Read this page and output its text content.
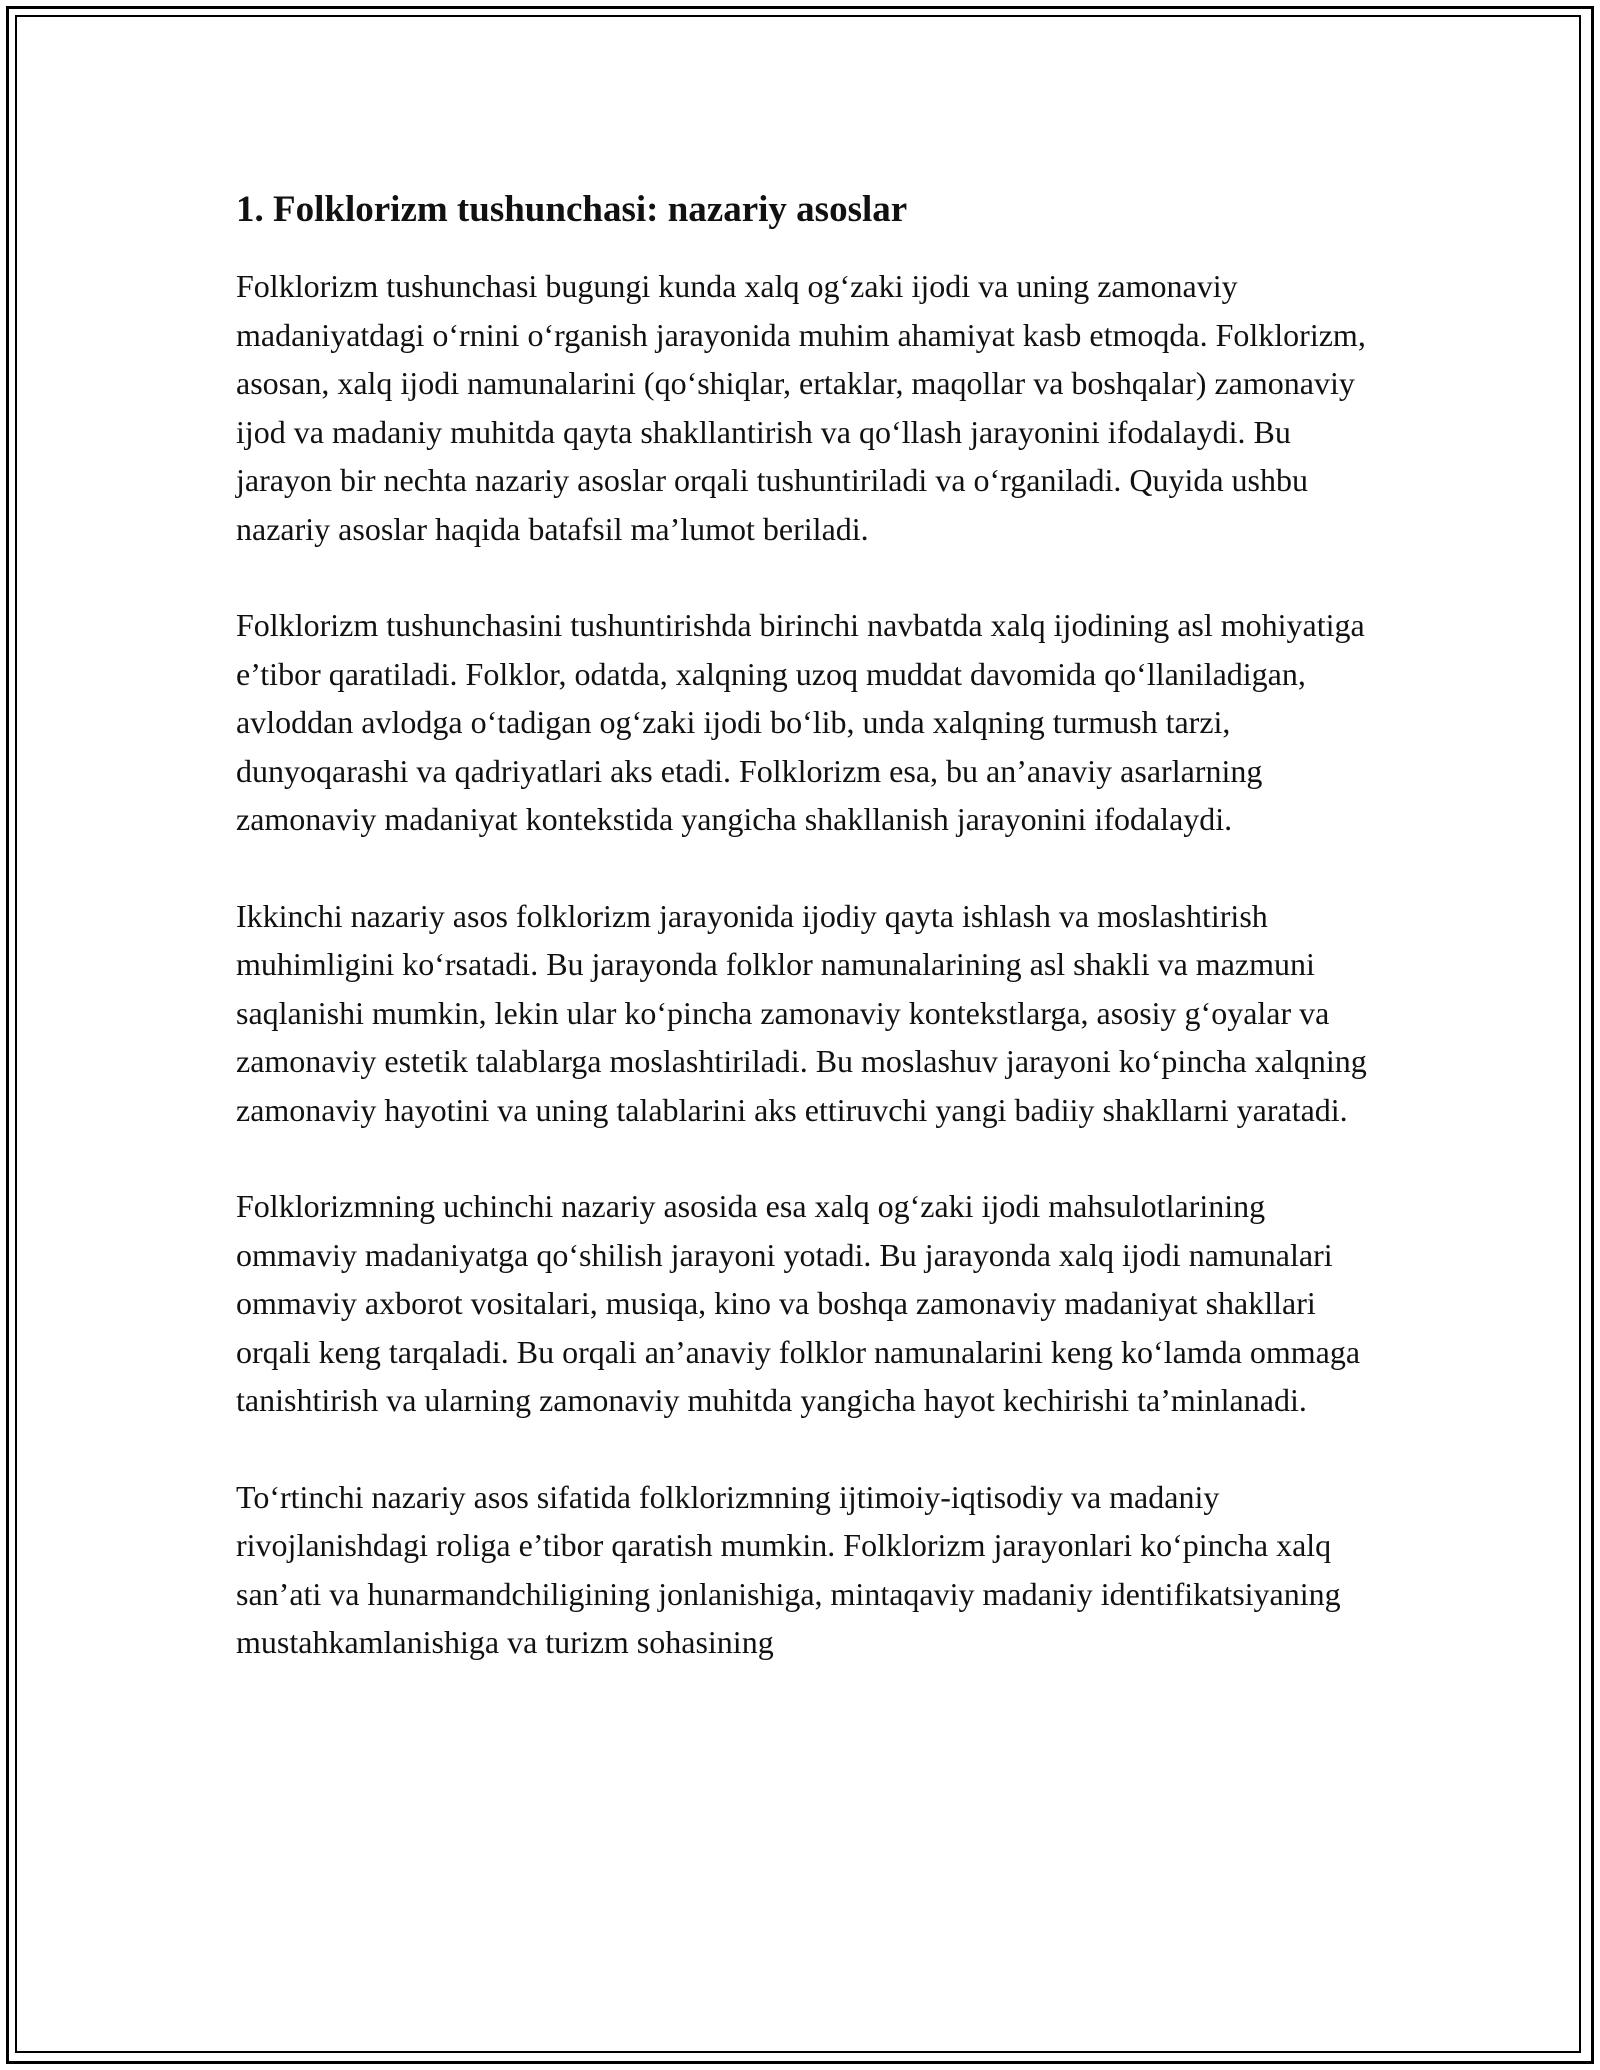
1. Folklorizm tushunchasi: nazariy asoslar

Folklorizm tushunchasi bugungi kunda xalq og‘zaki ijodi va uning zamonaviy madaniyatdagi o‘rnini o‘rganish jarayonida muhim ahamiyat kasb etmoqda. Folklorizm, asosan, xalq ijodi namunalarini (qo‘shiqlar, ertaklar, maqollar va boshqalar) zamonaviy ijod va madaniy muhitda qayta shakllantirish va qo‘llash jarayonini ifodalaydi. Bu jarayon bir nechta nazariy asoslar orqali tushuntiriladi va o‘rganiladi. Quyida ushbu nazariy asoslar haqida batafsil ma’lumot beriladi.

Folklorizm tushunchasini tushuntirishda birinchi navbatda xalq ijodining asl mohiyatiga e’tibor qaratiladi. Folklor, odatda, xalqning uzoq muddat davomida qo‘llaniladigan, avloddan avlodga o‘tadigan og‘zaki ijodi bo‘lib, unda xalqning turmush tarzi, dunyoqarashi va qadriyatlari aks etadi. Folklorizm esa, bu an’anaviy asarlarning zamonaviy madaniyat kontekstida yangicha shakllanish jarayonini ifodalaydi.

Ikkinchi nazariy asos folklorizm jarayonida ijodiy qayta ishlash va moslashtirish muhimligini ko‘rsatadi. Bu jarayonda folklor namunalarining asl shakli va mazmuni saqlanishi mumkin, lekin ular ko‘pincha zamonaviy kontekstlarga, asosiy g‘oyalar va zamonaviy estetik talablarga moslashtiriladi. Bu moslashuv jarayoni ko‘pincha xalqning zamonaviy hayotini va uning talablarini aks ettiruvchi yangi badiiy shakllarni yaratadi.

Folklorizmning uchinchi nazariy asosida esa xalq og‘zaki ijodi mahsulotlarining ommaviy madaniyatga qo‘shilish jarayoni yotadi. Bu jarayonda xalq ijodi namunalari ommaviy axborot vositalari, musiqa, kino va boshqa zamonaviy madaniyat shakllari orqali keng tarqaladi. Bu orqali an’anaviy folklor namunalarini keng ko‘lamda ommaga tanishtirish va ularning zamonaviy muhitda yangicha hayot kechirishi ta’minlanadi.

To‘rtinchi nazariy asos sifatida folklorizmning ijtimoiy-iqtisodiy va madaniy rivojlanishdagi roliga e’tibor qaratish mumkin. Folklorizm jarayonlari ko‘pincha xalq san’ati va hunarmandchiligining jonlanishiga, mintaqaviy madaniy identifikatsiyaning mustahkamlanishiga va turizm sohasining
